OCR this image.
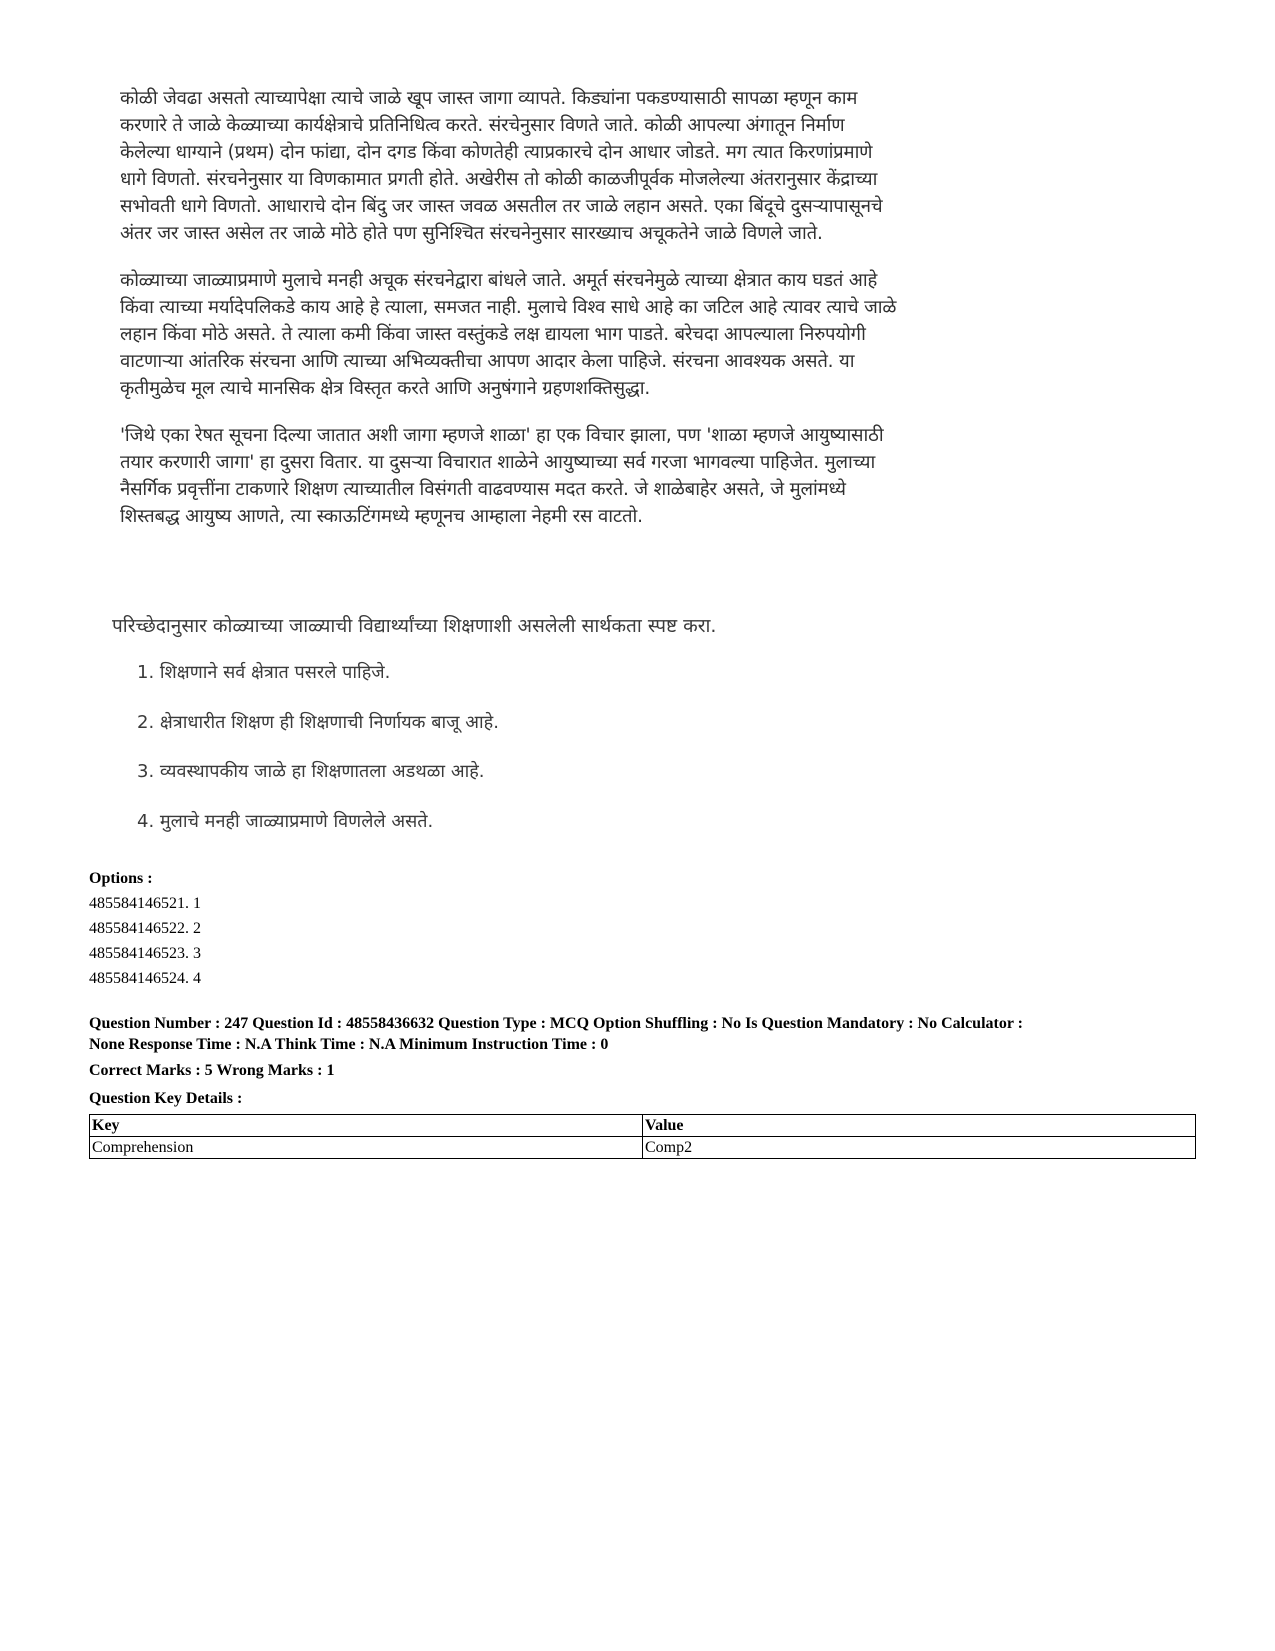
कोळी जेवढा असतो त्याच्यापेक्षा त्याचे जाळे खूप जास्त जागा व्यापते. किड्यांना पकडण्यासाठी सापळा म्हणून काम
करणारे ते जाळे केळ्याच्या कार्यक्षेत्राचे प्रतिनिधित्व करते. संरचेनुसार विणते जाते. कोळी आपल्या अंगातून निर्माण
केलेल्या धाग्याने (प्रथम) दोन फांद्या, दोन दगड किंवा कोणतेही त्याप्रकारचे दोन आधार जोडते. मग त्यात किरणांप्रमाणे
धागे विणतो. संरचनेनुसार या विणकामात प्रगती होते. अखेरीस तो कोळी काळजीपूर्वक मोजलेल्या अंतरानुसार केंद्राच्या
सभोवती धागे विणतो. आधाराचे दोन बिंदु जर जास्त जवळ असतील तर जाळे लहान असते. एका बिंदूचे दुसऱ्यापासूनचे
अंतर जर जास्त असेल तर जाळे मोठे होते पण सुनिश्चित संरचनेनुसार सारख्याच अचूकतेने जाळे विणले जाते.

कोळ्याच्या जाळ्याप्रमाणे मुलाचे मनही अचूक संरचनेद्वारा बांधले जाते. अमूर्त संरचनेमुळे त्याच्या क्षेत्रात काय घडतं आहे
किंवा त्याच्या मर्यादेपलिकडे काय आहे हे त्याला, समजत नाही. मुलाचे विश्व साधे आहे का जटिल आहे त्यावर त्याचे जाळे
लहान किंवा मोठे असते. ते त्याला कमी किंवा जास्त वस्तुंकडे लक्ष द्यायला भाग पाडते. बरेचदा आपल्याला निरुपयोगी
वाटणाऱ्या आंतरिक संरचना आणि त्याच्या अभिव्यक्तीचा आपण आदार केला पाहिजे. संरचना आवश्यक असते. या
कृतीमुळेच मूल त्याचे मानसिक क्षेत्र विस्तृत करते आणि अनुषंगाने ग्रहणशक्तिसुद्धा.

'जिथे एका रेषत सूचना दिल्या जातात अशी जागा म्हणजे शाळा' हा एक विचार झाला, पण 'शाळा म्हणजे आयुष्यासाठी
तयार करणारी जागा' हा दुसरा वितार. या दुसऱ्या विचारात शाळेने आयुष्याच्या सर्व गरजा भागवल्या पाहिजेत. मुलाच्या
नैसर्गिक प्रवृत्तींना टाकणारे शिक्षण त्याच्यातील विसंगती वाढवण्यास मदत करते. जे शाळेबाहेर असते, जे मुलांमध्ये
शिस्तबद्ध आयुष्य आणते, त्या स्काऊटिंगमध्ये म्हणूनच आम्हाला नेहमी रस वाटतो.

परिच्छेदानुसार कोळ्याच्या जाळ्याची विद्यार्थ्यांच्या शिक्षणाशी असलेली सार्थकता स्पष्ट करा.
1. शिक्षणाने सर्व क्षेत्रात पसरले पाहिजे.
2. क्षेत्राधारीत शिक्षण ही शिक्षणाची निर्णायक बाजू आहे.
3. व्यवस्थापकीय जाळे हा शिक्षणातला अडथळा आहे.
4. मुलाचे मनही जाळ्याप्रमाणे विणलेले असते.
Options :
485584146521. 1
485584146522. 2
485584146523. 3
485584146524. 4
Question Number : 247 Question Id : 48558436632 Question Type : MCQ Option Shuffling : No Is Question Mandatory : No Calculator :
None Response Time : N.A Think Time : N.A Minimum Instruction Time : 0
Correct Marks : 5 Wrong Marks : 1
Question Key Details :
Key	Value
Comprehension	Comp2
